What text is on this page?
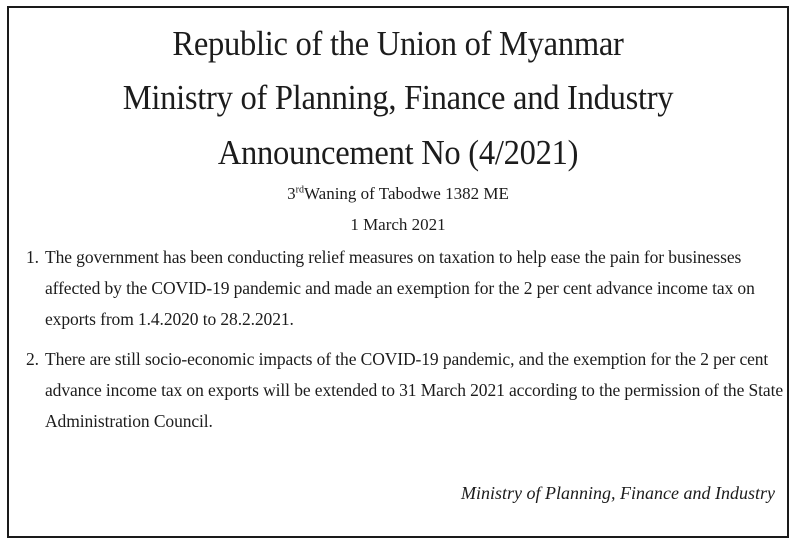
Republic of the Union of Myanmar
Ministry of Planning, Finance and Industry
Announcement No (4/2021)
3rdWaning of Tabodwe 1382 ME
1 March 2021
1. The government has been conducting relief measures on taxation to help ease the pain for businesses affected by the COVID-19 pandemic and made an exemption for the 2 per cent advance income tax on exports from 1.4.2020 to 28.2.2021.
2. There are still socio-economic impacts of the COVID-19 pandemic, and the exemption for the 2 per cent advance income tax on exports will be extended to 31 March 2021 according to the permission of the State Administration Council.
Ministry of Planning, Finance and Industry
